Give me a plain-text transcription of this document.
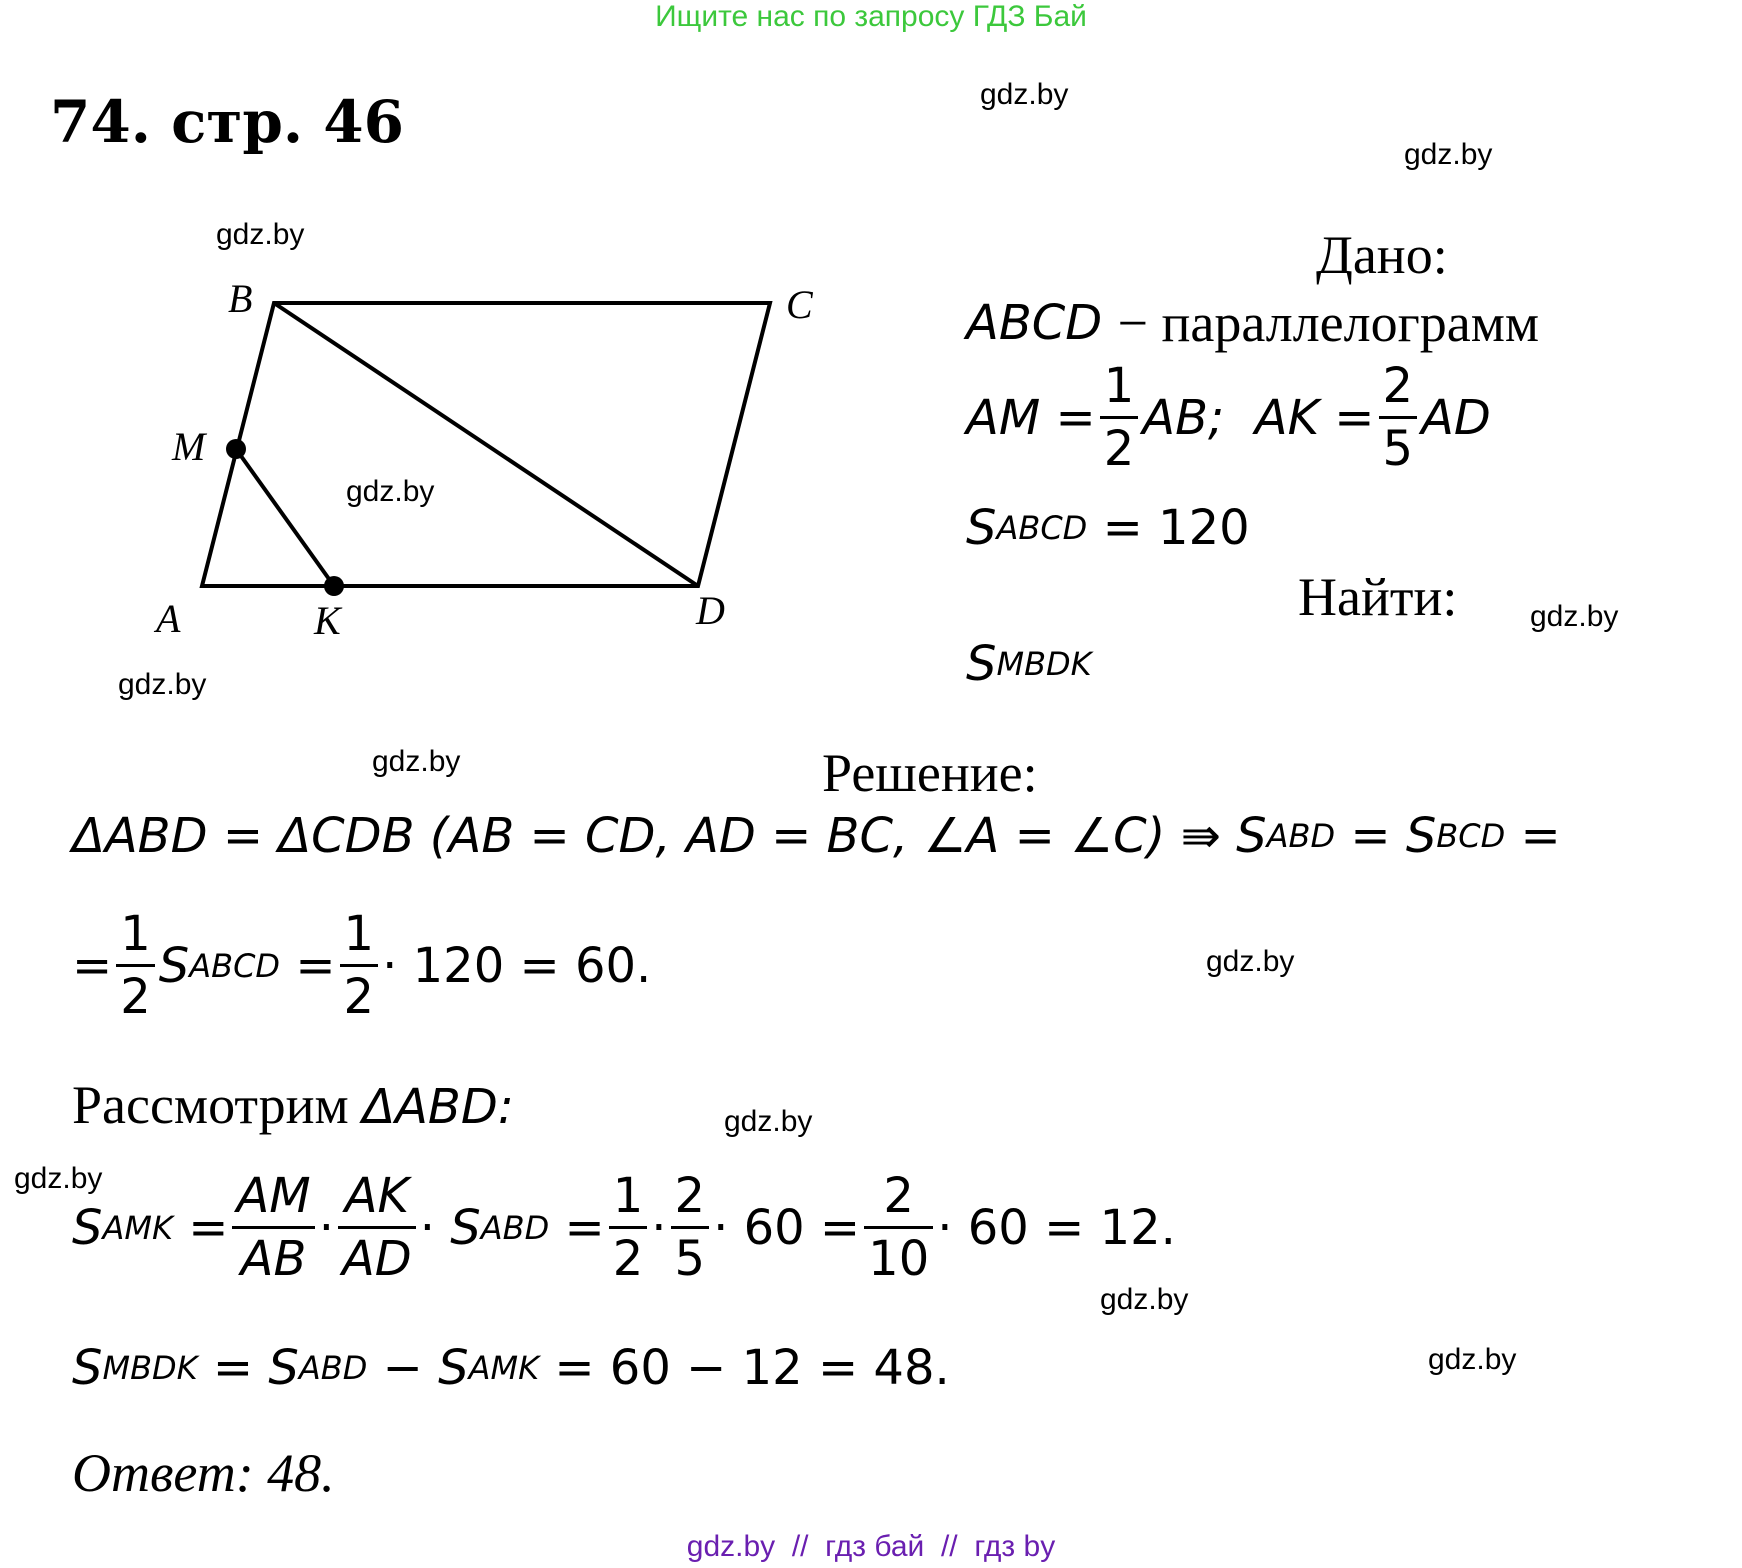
Ищите нас по запросу ГДЗ Бай
74. стр. 46	gdz.by
gdz.by
gdz.by
gdz.by
gdz.by
gdz.by
gdz.by
gdz.by
gdz.by
gdz.by
gdz.by
gdz.by
A
B	C
D
M
K
Дано:
ABCD
− параллелограмм
AM = $\frac{1}{2}$ AB;
AK = $\frac{2}{5}$ AD
S ABCD
= 120
Найти:
S MBDK
Решение:
ΔABD = ΔCDB (AB = CD, AD = BC, ∠A = ∠C) ⇛
S ABD
=
S BCD
=
= $\frac{1}{2}$ S ABCD
= $\frac{1}{2} \cdot 120 = 60$.
Рассмотрим ΔABD:
S AMK
= $\frac{AM}{AB} \cdot \frac{AK}{AD}$ ·
S ABD
= $\frac{1}{2} \cdot \frac{2}{5} \cdot 60 = \frac{2}{10} \cdot 60 = 12$.
S MBDK
=
S ABD
−
S AMK
= 60 − 12 = 48.
Ответ: 48.
gdz.by  //  гдз бай  //  гдз by
